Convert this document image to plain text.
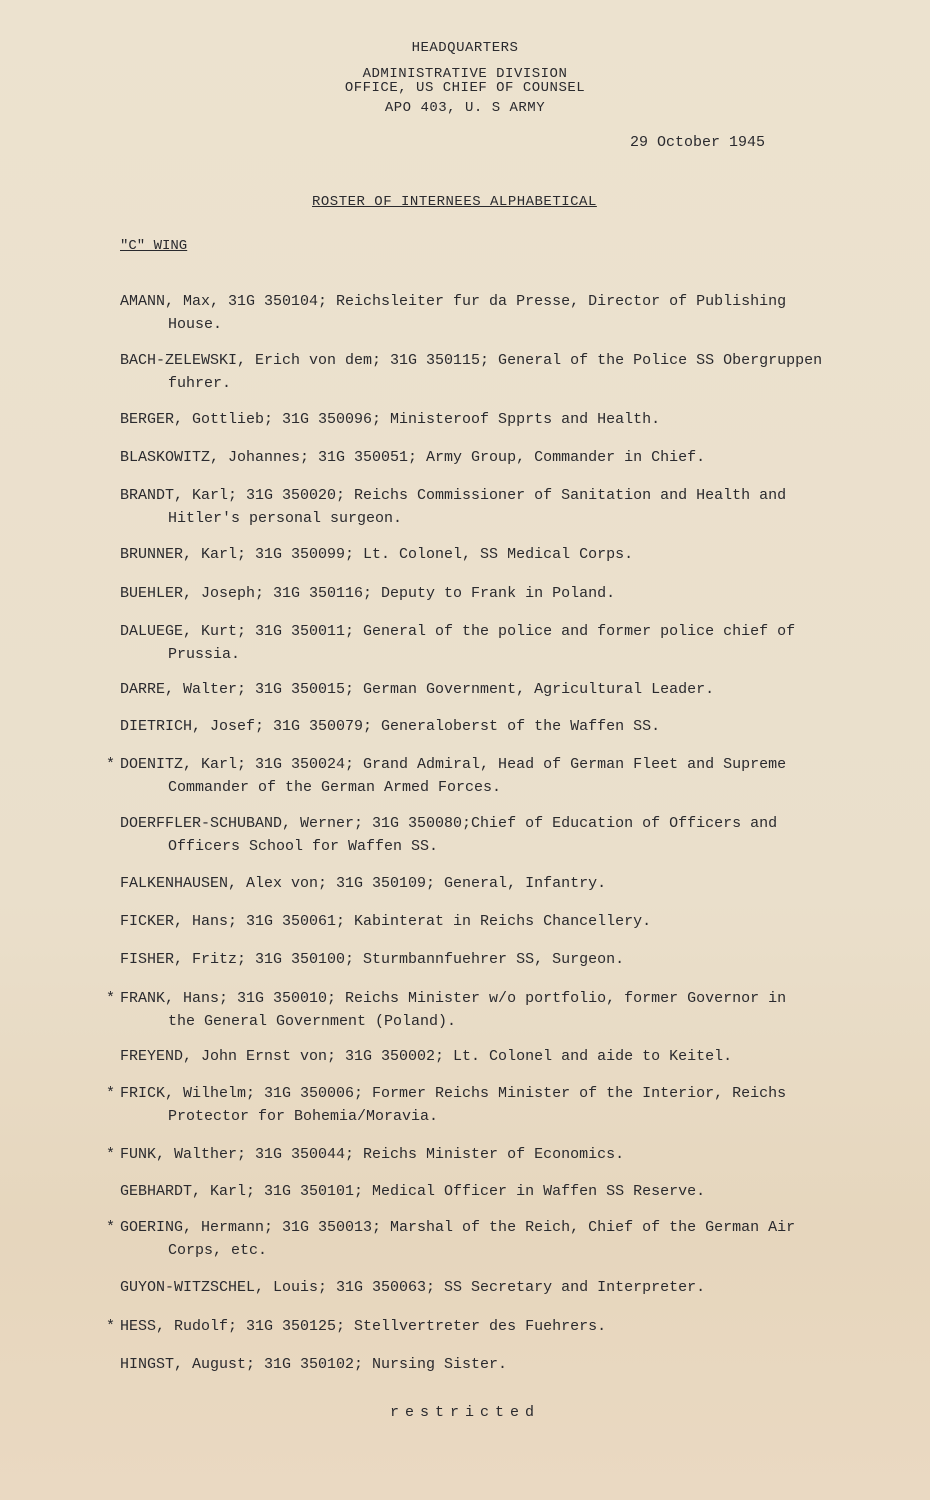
HEADQUARTERS
ADMINISTRATIVE DIVISION
OFFICE, US CHIEF OF COUNSEL
APO 403, U. S ARMY
29 October 1945
ROSTER OF INTERNEES ALPHABETICAL
"C" WING
AMANN, Max, 31G 350104; Reichsleiter fur da Presse, Director of Publishing
House.
BACH-ZELEWSKI, Erich von dem; 31G 350115; General of the Police SS Obergruppen
fuhrer.
BERGER, Gottlieb; 31G 350096; Ministeroof Spprts and Health.
BLASKOWITZ, Johannes; 31G 350051; Army Group, Commander in Chief.
BRANDT, Karl; 31G 350020; Reichs Commissioner of Sanitation and Health and
Hitler's personal surgeon.
BRUNNER, Karl; 31G 350099; Lt. Colonel, SS Medical Corps.
BUEHLER, Joseph; 31G 350116; Deputy to Frank in Poland.
DALUEGE, Kurt; 31G 350011; General of the police and former police chief of
Prussia.
DARRE, Walter; 31G 350015; German Government, Agricultural Leader.
DIETRICH, Josef; 31G 350079; Generaloberst of the Waffen SS.
* DOENITZ, Karl; 31G 350024; Grand Admiral, Head of German Fleet and Supreme
Commander of the German Armed Forces.
DOERFFLER-SCHUBAND, Werner; 31G 350080;Chief of Education of Officers and
Officers School for Waffen SS.
FALKENHAUSEN, Alex von; 31G 350109; General, Infantry.
FICKER, Hans; 31G 350061; Kabinterat in Reichs Chancellery.
FISHER, Fritz; 31G 350100; Sturmbannfuehrer SS, Surgeon.
* FRANK, Hans; 31G 350010; Reichs Minister w/o portfolio, former Governor in
the General Government (Poland).
FREYEND, John Ernst von; 31G 350002; Lt. Colonel and aide to Keitel.
* FRICK, Wilhelm; 31G 350006; Former Reichs Minister of the Interior, Reichs
Protector for Bohemia/Moravia.
* FUNK, Walther; 31G 350044; Reichs Minister of Economics.
GEBHARDT, Karl; 31G 350101; Medical Officer in Waffen SS Reserve.
* GOERING, Hermann; 31G 350013; Marshal of the Reich, Chief of the German Air
Corps, etc.
GUYON-WITZSCHEL, Louis; 31G 350063; SS Secretary and Interpreter.
* HESS, Rudolf; 31G 350125; Stellvertreter des Fuehrers.
HINGST, August; 31G 350102; Nursing Sister.
restricted
